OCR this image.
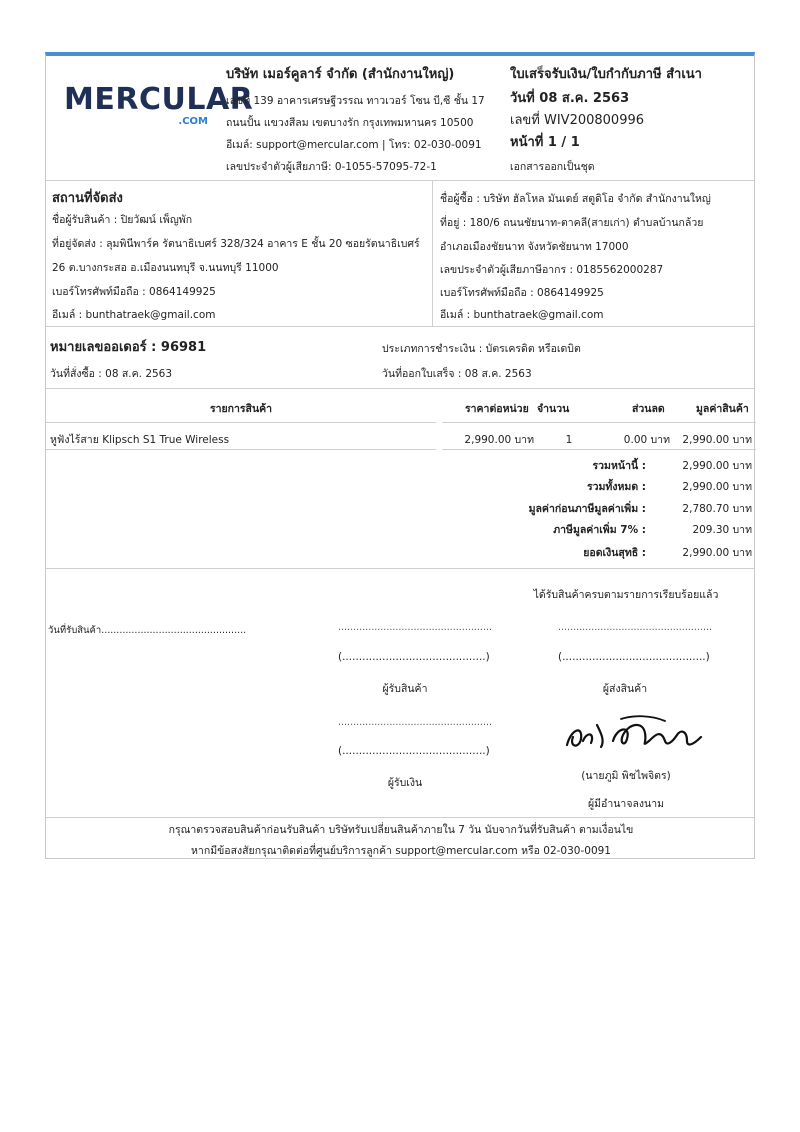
MERCULAR
.COM
บริษัท เมอร์คูลาร์ จำกัด (สำนักงานใหญ่)
เลขที่ 139 อาคารเศรษฐีวรรณ ทาวเวอร์ โซน บี,ซี ชั้น 17
ถนนปั้น แขวงสีลม เขตบางรัก กรุงเทพมหานคร 10500
อีเมล์: support@mercular.com | โทร: 02-030-0091
เลขประจำตัวผู้เสียภาษี: 0-1055-57095-72-1
ใบเสร็จรับเงิน/ใบกำกับภาษี สำเนา
วันที่ 08 ส.ค. 2563
เลขที่ WIV200800996
หน้าที่ 1 / 1
เอกสารออกเป็นชุด
สถานที่จัดส่ง
ชื่อผู้รับสินค้า : ปิยวัฒน์ เพ็ญพัก
ที่อยู่จัดส่ง : ลุมพินีพาร์ค รัตนาธิเบศร์ 328/324 อาคาร E ชั้น 20 ซอยรัตนาธิเบศร์
26 ต.บางกระสอ อ.เมืองนนทบุรี จ.นนทบุรี 11000
เบอร์โทรศัพท์มือถือ : 0864149925
อีเมล์ : bunthatraek@gmail.com
ชื่อผู้ซื้อ : บริษัท ฮัลโหล มันเดย์ สตูดิโอ จำกัด สำนักงานใหญ่
ที่อยู่ : 180/6 ถนนชัยนาท-ตาคลี(สายเก่า) ตำบลบ้านกล้วย
อำเภอเมืองชัยนาท จังหวัดชัยนาท 17000
เลขประจำตัวผู้เสียภาษีอากร : 0185562000287
เบอร์โทรศัพท์มือถือ : 0864149925
อีเมล์ : bunthatraek@gmail.com
หมายเลขออเดอร์ : 96981
วันที่สั่งซื้อ : 08 ส.ค. 2563
ประเภทการชำระเงิน : บัตรเครดิต หรือเดบิต
วันที่ออกใบเสร็จ : 08 ส.ค. 2563
รายการสินค้า	ราคาต่อหน่วย จำนวน	ส่วนลด	มูลค่าสินค้า
หูฟังไร้สาย Klipsch S1 True Wireless	2,990.00 บาท	1	0.00 บาท	2,990.00 บาท
รวมหน้านี้ :	2,990.00 บาท
รวมทั้งหมด :	2,990.00 บาท
มูลค่าก่อนภาษีมูลค่าเพิ่ม :	2,780.70 บาท
ภาษีมูลค่าเพิ่ม 7% :	209.30 บาท
ยอดเงินสุทธิ :	2,990.00 บาท
ได้รับสินค้าครบตามรายการเรียบร้อยแล้ว
วันที่รับสินค้า................................................	...................................................
(...........................................)
ผู้รับสินค้า
...................................................
(...........................................)
ผู้ส่งสินค้า
...................................................
(...........................................)
ผู้รับเงิน
(นายภูมิ พิชไพจิตร)
ผู้มีอำนาจลงนาม
กรุณาตรวจสอบสินค้าก่อนรับสินค้า บริษัทรับเปลี่ยนสินค้าภายใน 7 วัน นับจากวันที่รับสินค้า ตามเงื่อนไข
หากมีข้อสงสัยกรุณาติดต่อที่ศูนย์บริการลูกค้า support@mercular.com หรือ 02-030-0091
